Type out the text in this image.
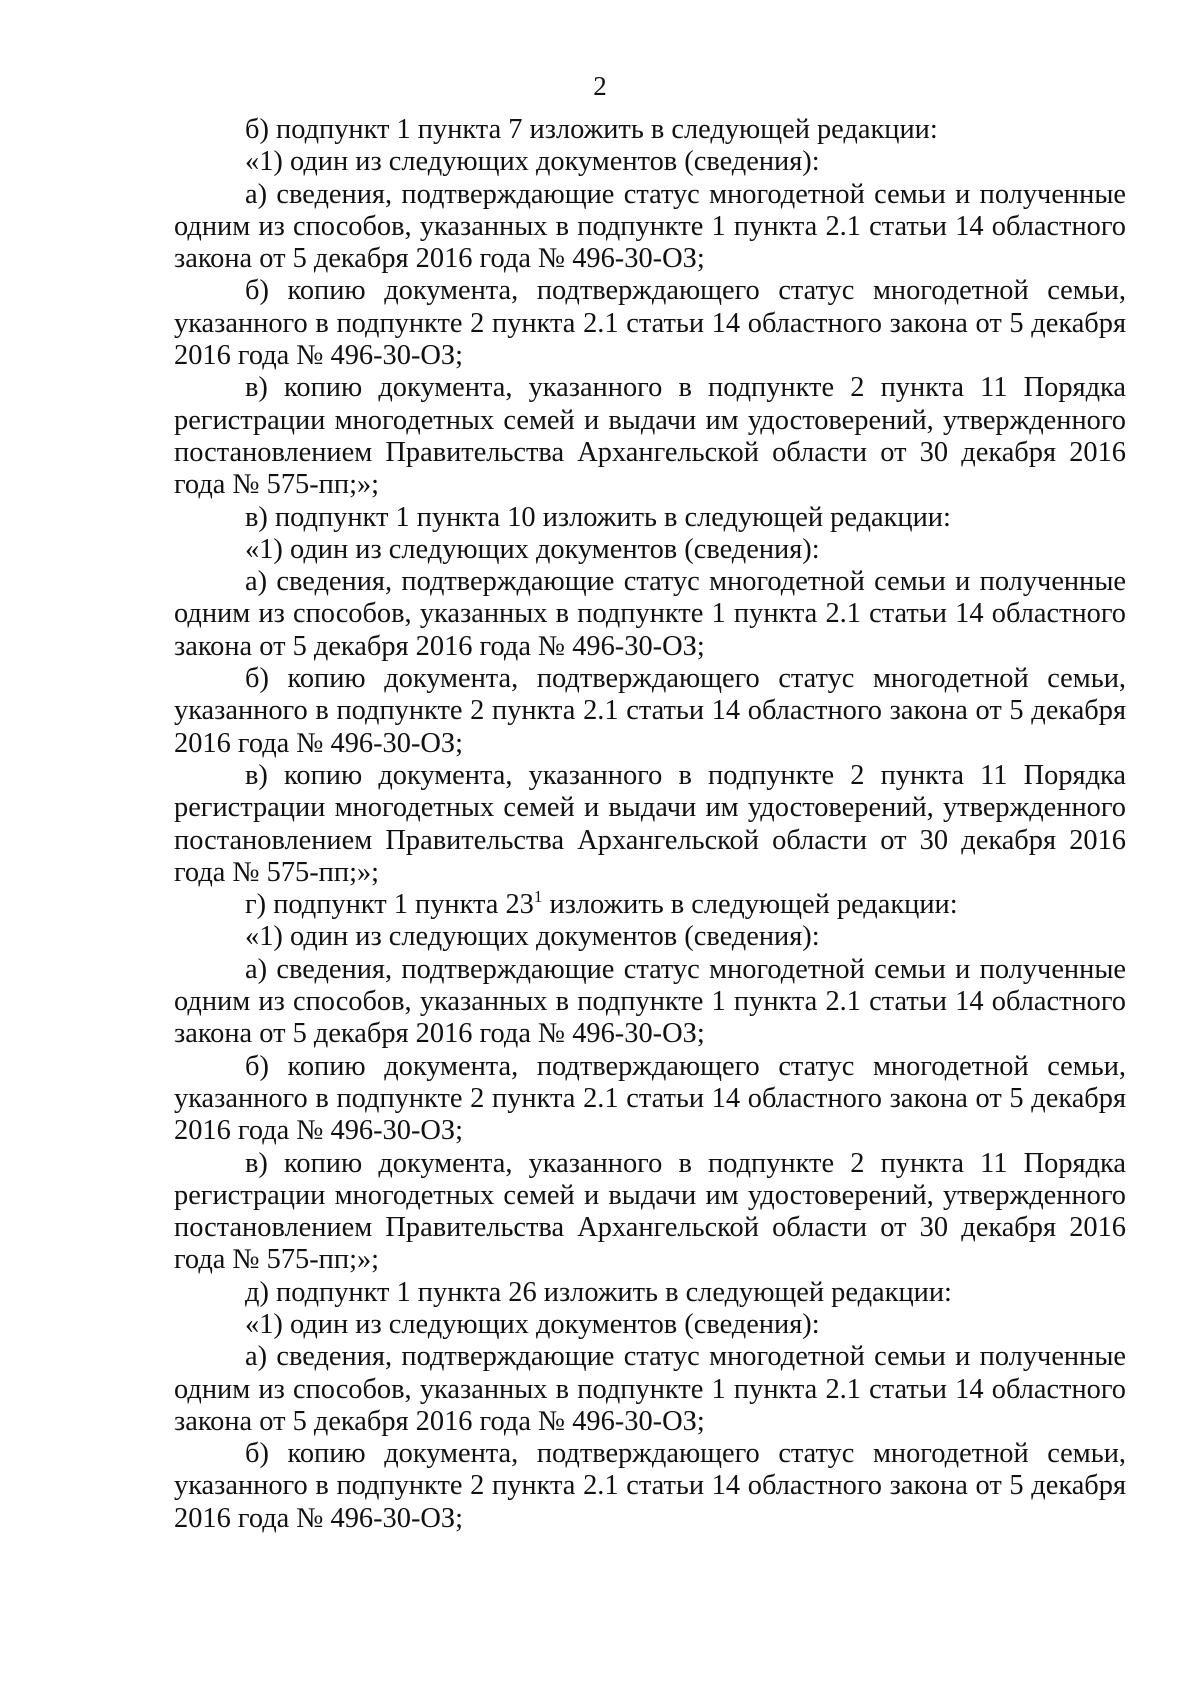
2

б) подпункт 1 пункта 7 изложить в следующей редакции:

«1) один из следующих документов (сведения):

а) сведения, подтверждающие статус многодетной семьи и полученные одним из способов, указанных в подпункте 1 пункта 2.1 статьи 14 областного закона от 5 декабря 2016 года № 496-30-ОЗ;

б) копию документа, подтверждающего статус многодетной семьи, указанного в подпункте 2 пункта 2.1 статьи 14 областного закона от 5 декабря 2016 года № 496-30-ОЗ;

в) копию документа, указанного в подпункте 2 пункта 11 Порядка регистрации многодетных семей и выдачи им удостоверений, утвержденного постановлением Правительства Архангельской области от 30 декабря 2016 года № 575-пп;»;

в) подпункт 1 пункта 10 изложить в следующей редакции:

«1) один из следующих документов (сведения):

а) сведения, подтверждающие статус многодетной семьи и полученные одним из способов, указанных в подпункте 1 пункта 2.1 статьи 14 областного закона от 5 декабря 2016 года № 496-30-ОЗ;

б) копию документа, подтверждающего статус многодетной семьи, указанного в подпункте 2 пункта 2.1 статьи 14 областного закона от 5 декабря 2016 года № 496-30-ОЗ;

в) копию документа, указанного в подпункте 2 пункта 11 Порядка регистрации многодетных семей и выдачи им удостоверений, утвержденного постановлением Правительства Архангельской области от 30 декабря 2016 года № 575-пп;»;

г) подпункт 1 пункта $23^1$ изложить в следующей редакции:

«1) один из следующих документов (сведения):

а) сведения, подтверждающие статус многодетной семьи и полученные одним из способов, указанных в подпункте 1 пункта 2.1 статьи 14 областного закона от 5 декабря 2016 года № 496-30-ОЗ;

б) копию документа, подтверждающего статус многодетной семьи, указанного в подпункте 2 пункта 2.1 статьи 14 областного закона от 5 декабря 2016 года № 496-30-ОЗ;

в) копию документа, указанного в подпункте 2 пункта 11 Порядка регистрации многодетных семей и выдачи им удостоверений, утвержденного постановлением Правительства Архангельской области от 30 декабря 2016 года № 575-пп;»;

д) подпункт 1 пункта 26 изложить в следующей редакции:

«1) один из следующих документов (сведения):

а) сведения, подтверждающие статус многодетной семьи и полученные одним из способов, указанных в подпункте 1 пункта 2.1 статьи 14 областного закона от 5 декабря 2016 года № 496-30-ОЗ;

б) копию документа, подтверждающего статус многодетной семьи, указанного в подпункте 2 пункта 2.1 статьи 14 областного закона от 5 декабря 2016 года № 496-30-ОЗ;
